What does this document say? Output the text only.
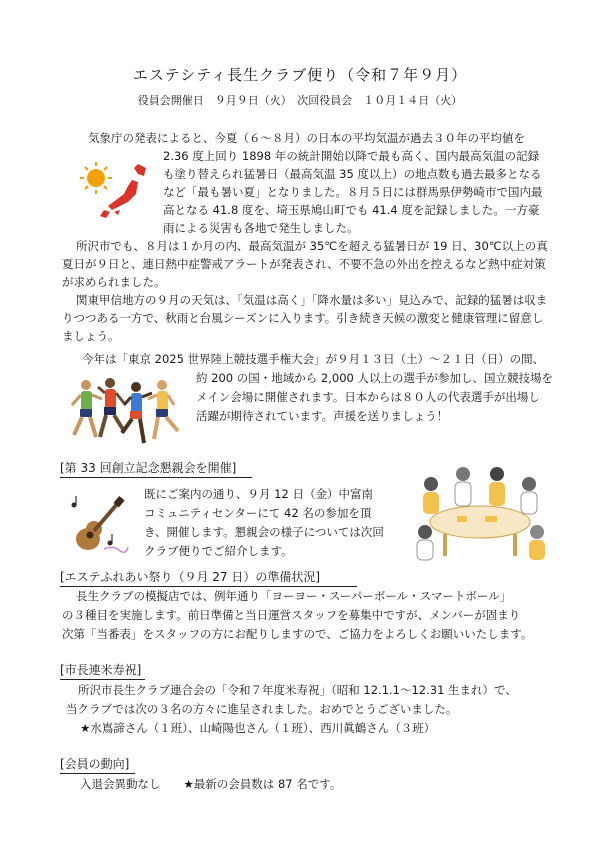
エステシティ長生クラブ便り（令和７年９月）
役員会開催日　９月９日（火）　次回役員会　１０月１４日（火）
気象庁の発表によると、今夏（６～８月）の日本の平均気温が過去３０年の平均値を
2.36 度上回り 1898 年の統計開始以降で最も高く、国内最高気温の記録
も塗り替えられ猛暑日（最高気温 35 度以上）の地点数も過去最多となる
など「最も暑い夏」となりました。８月５日には群馬県伊勢崎市で国内最
高となる 41.8 度を、埼玉県鳩山町でも 41.4 度を記録しました。一方豪
雨による災害も各地で発生しました。
所沢市でも、８月は１か月の内、最高気温が 35℃を超える猛暑日が 19 日、30℃以上の真
夏日が９日と、連日熱中症警戒アラートが発表され、不要不急の外出を控えるなど熱中症対策
が求められました。
関東甲信地方の９月の天気は、「気温は高く」「降水量は多い」見込みで、記録的猛暑は収ま
りつつある一方で、秋雨と台風シーズンに入ります。引き続き天候の激変と健康管理に留意し
ましょう。
今年は「東京 2025 世界陸上競技選手権大会」が９月１３日（土）～２１日（日）の間、
約 200 の国・地域から 2,000 人以上の選手が参加し、国立競技場を
メイン会場に開催されます。日本からは８０人の代表選手が出場し
活躍が期待されています。声援を送りましょう！
[第 33 回創立記念懇親会を開催]
既にご案内の通り、９月 12 日（金）中富南
コミュニティセンターにて 42 名の参加を頂
き、開催します。懇親会の様子については次回
クラブ便りでご紹介します。
[エステふれあい祭り（９月 27 日）の準備状況]
長生クラブの模擬店では、例年通り「ヨーヨー・スーパーボール・スマートボール」
の３種目を実施します。前日準備と当日運営スタッフを募集中ですが、メンバーが固まり
次第「当番表」をスタッフの方にお配りしますので、ご協力をよろしくお願いいたします。
[市長連米寿祝]
所沢市長生クラブ連合会の「令和７年度米寿祝」（昭和 12.1.1～12.31 生まれ）で、
当クラブでは次の３名の方々に進呈されました。おめでとうございました。
★水嶌諦さん（１班）、山崎陽也さん（１班）、西川眞鶴さん（３班）
[会員の動向]
入退会異動なし　　★最新の会員数は 87 名です。
